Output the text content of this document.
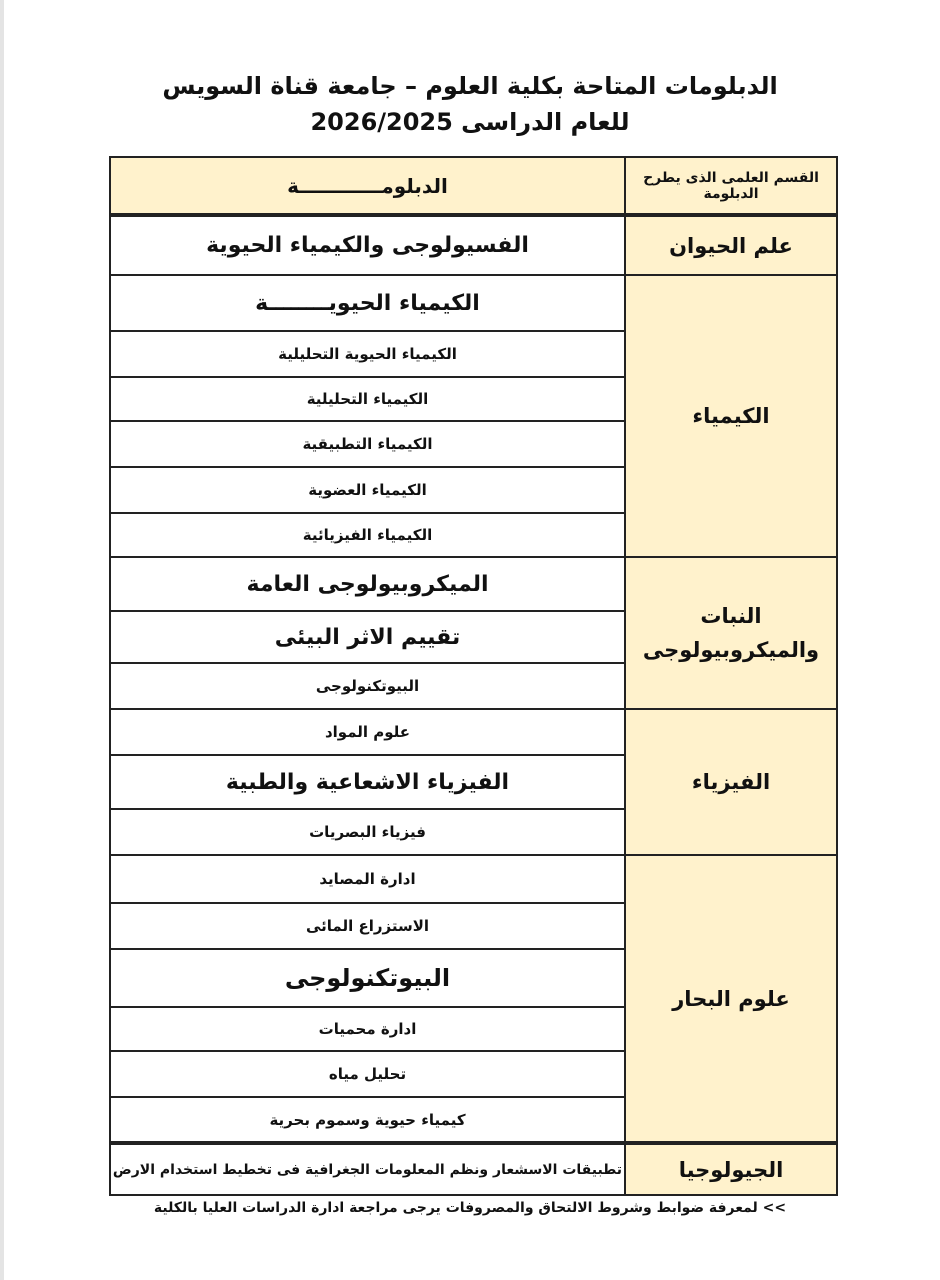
الدبلومات المتاحة بكلية العلوم – جامعة قناة السويس
للعام الدراسى 2026/2025
القسم العلمى الذى يطرح الدبلومة	الدبلومــــــــــــة
علم الحيوان	الفسيولوجى والكيمياء الحيوية
الكيمياء	الكيمياء الحيويــــــــة
	الكيمياء الحيوية التحليلية
	الكيمياء التحليلية
	الكيمياء التطبيقية
	الكيمياء العضوية
	الكيمياء الفيزيائية
النبات والميكروبيولوجى	الميكروبيولوجى العامة
	تقييم الاثر البيئى
	البيوتكنولوجى
الفيزياء	علوم المواد
	الفيزياء الاشعاعية والطبية
	فيزياء البصريات
علوم البحار	ادارة المصايد
	الاستزراع المائى
	البيوتكنولوجى
	ادارة محميات
	تحليل مياه
	كيمياء حيوية وسموم بحرية
الجيولوجيا	تطبيقات الاسشعار ونظم المعلومات الجغرافية فى تخطيط استخدام الارض
>> لمعرفة ضوابط وشروط الالتحاق والمصروفات يرجى مراجعة ادارة الدراسات العليا بالكلية
